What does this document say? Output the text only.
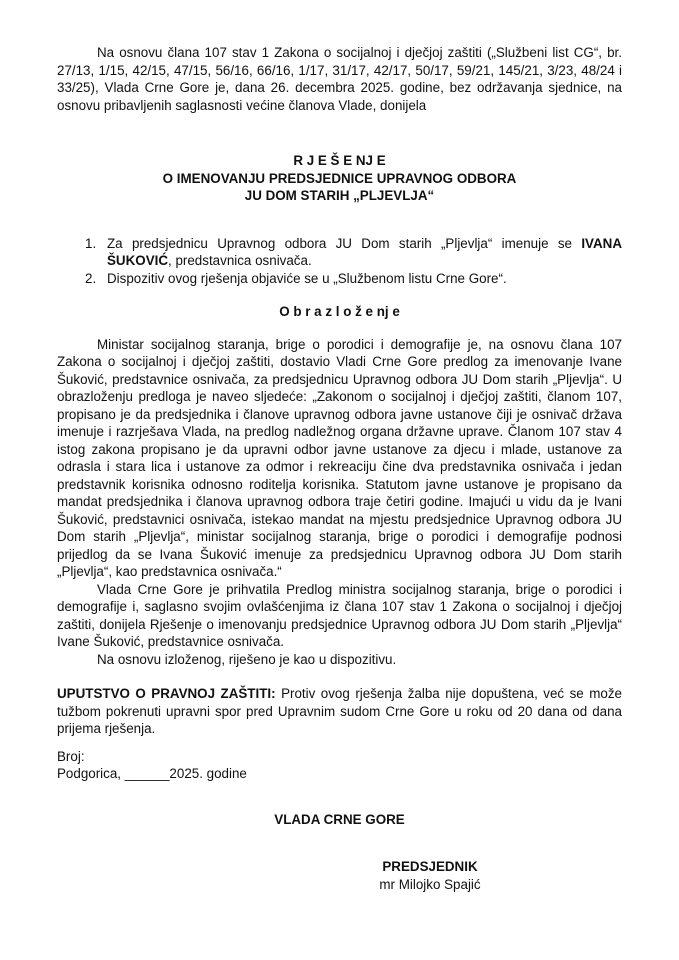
Na osnovu člana 107 stav 1 Zakona o socijalnoj i dječjoj zaštiti („Službeni list CG“, br. 27/13, 1/15, 42/15, 47/15, 56/16, 66/16, 1/17, 31/17, 42/17, 50/17, 59/21, 145/21, 3/23, 48/24 i 33/25), Vlada Crne Gore je, dana 26. decembra 2025. godine, bez održavanja sjednice, na osnovu pribavljenih saglasnosti većine članova Vlade, donijela

R J E Š E NJ E
O IMENOVANJU PREDSJEDNICE UPRAVNOG ODBORA
JU DOM STARIH „PLJEVLJA“
1. Za predsjednicu Upravnog odbora JU Dom starih „Pljevlja“ imenuje se IVANA ŠUKOVIĆ, predstavnica osnivača.
2. Dispozitiv ovog rješenja objaviće se u „Službenom listu Crne Gore“.
O b r a z l o ž e nj e

Ministar socijalnog staranja, brige o porodici i demografije je, na osnovu člana 107 Zakona o socijalnoj i dječjoj zaštiti, dostavio Vladi Crne Gore predlog za imenovanje Ivane Šuković, predstavnice osnivača, za predsjednicu Upravnog odbora JU Dom starih „Pljevlja“. U obrazloženju predloga je naveo sljedeće: „Zakonom o socijalnoj i dječjoj zaštiti, članom 107, propisano je da predsjednika i članove upravnog odbora javne ustanove čiji je osnivač država imenuje i razrješava Vlada, na predlog nadležnog organa državne uprave. Članom 107 stav 4 istog zakona propisano je da upravni odbor javne ustanove za djecu i mlade, ustanove za odrasla i stara lica i ustanove za odmor i rekreaciju čine dva predstavnika osnivača i jedan predstavnik korisnika odnosno roditelja korisnika. Statutom javne ustanove je propisano da mandat predsjednika i članova upravnog odbora traje četiri godine. Imajući u vidu da je Ivani Šuković, predstavnici osnivača, istekao mandat na mjestu predsjednice Upravnog odbora JU Dom starih „Pljevlja“, ministar socijalnog staranja, brige o porodici i demografije podnosi prijedlog da se Ivana Šuković imenuje za predsjednicu Upravnog odbora JU Dom starih „Pljevlja“, kao predstavnica osnivača.“

Vlada Crne Gore je prihvatila Predlog ministra socijalnog staranja, brige o porodici i demografije i, saglasno svojim ovlašćenjima iz člana 107 stav 1 Zakona o socijalnoj i dječjoj zaštiti, donijela Rješenje o imenovanju predsjednice Upravnog odbora JU Dom starih „Pljevlja“ Ivane Šuković, predstavnice osnivača.

Na osnovu izloženog, riješeno je kao u dispozitivu.

UPUTSTVO O PRAVNOJ ZAŠTITI: Protiv ovog rješenja žalba nije dopuštena, već se može tužbom pokrenuti upravni spor pred Upravnim sudom Crne Gore u roku od 20 dana od dana prijema rješenja.

Broj:

Podgorica, ______2025. godine

VLADA CRNE GORE
PREDSJEDNIK
mr Milojko Spajić
